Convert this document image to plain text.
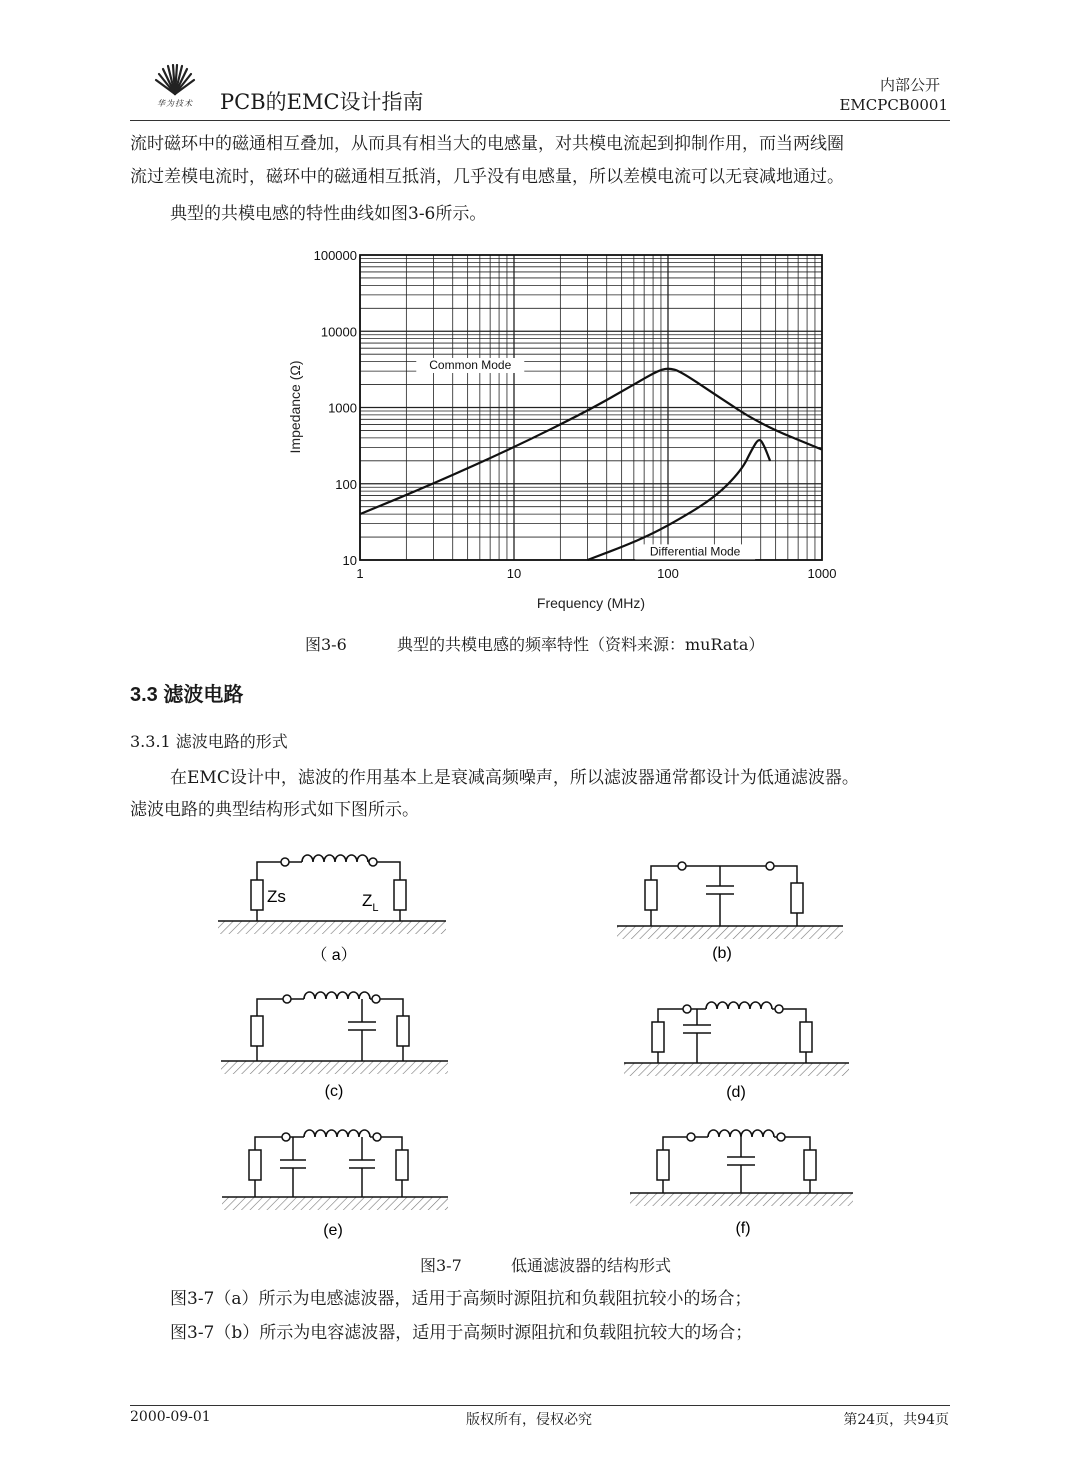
华为技术 PCB的EMC设计指南
内部公开
EMCPCB0001
流时磁环中的磁通相互叠加，从而具有相当大的电感量，对共模电流起到抑制作用，而当两线圈
流过差模电流时，磁环中的磁通相互抵消，几乎没有电感量，所以差模电流可以无衰减地通过。
典型的共模电感的特性曲线如图3-6所示。
Common Mode
Differential Mode
1	10	100	1000
10
100
1000
10000
100000
Frequency (MHz)
Impedance (Ω)
图3-6	典型的共模电感的频率特性（资料来源：muRata）
3.3 滤波电路
3.3.1 滤波电路的形式
在EMC设计中，滤波的作用基本上是衰减高频噪声，所以滤波器通常都设计为低通滤波器。
滤波电路的典型结构形式如下图所示。
Zs	$Z_L$
（ a）	(b)
(c)	(d)
(e)	(f)
图3-7	低通滤波器的结构形式
图3-7（a）所示为电感滤波器，适用于高频时源阻抗和负载阻抗较小的场合；
图3-7（b）所示为电容滤波器，适用于高频时源阻抗和负载阻抗较大的场合；
2000-09-01	版权所有，侵权必究	第24页，共94页
